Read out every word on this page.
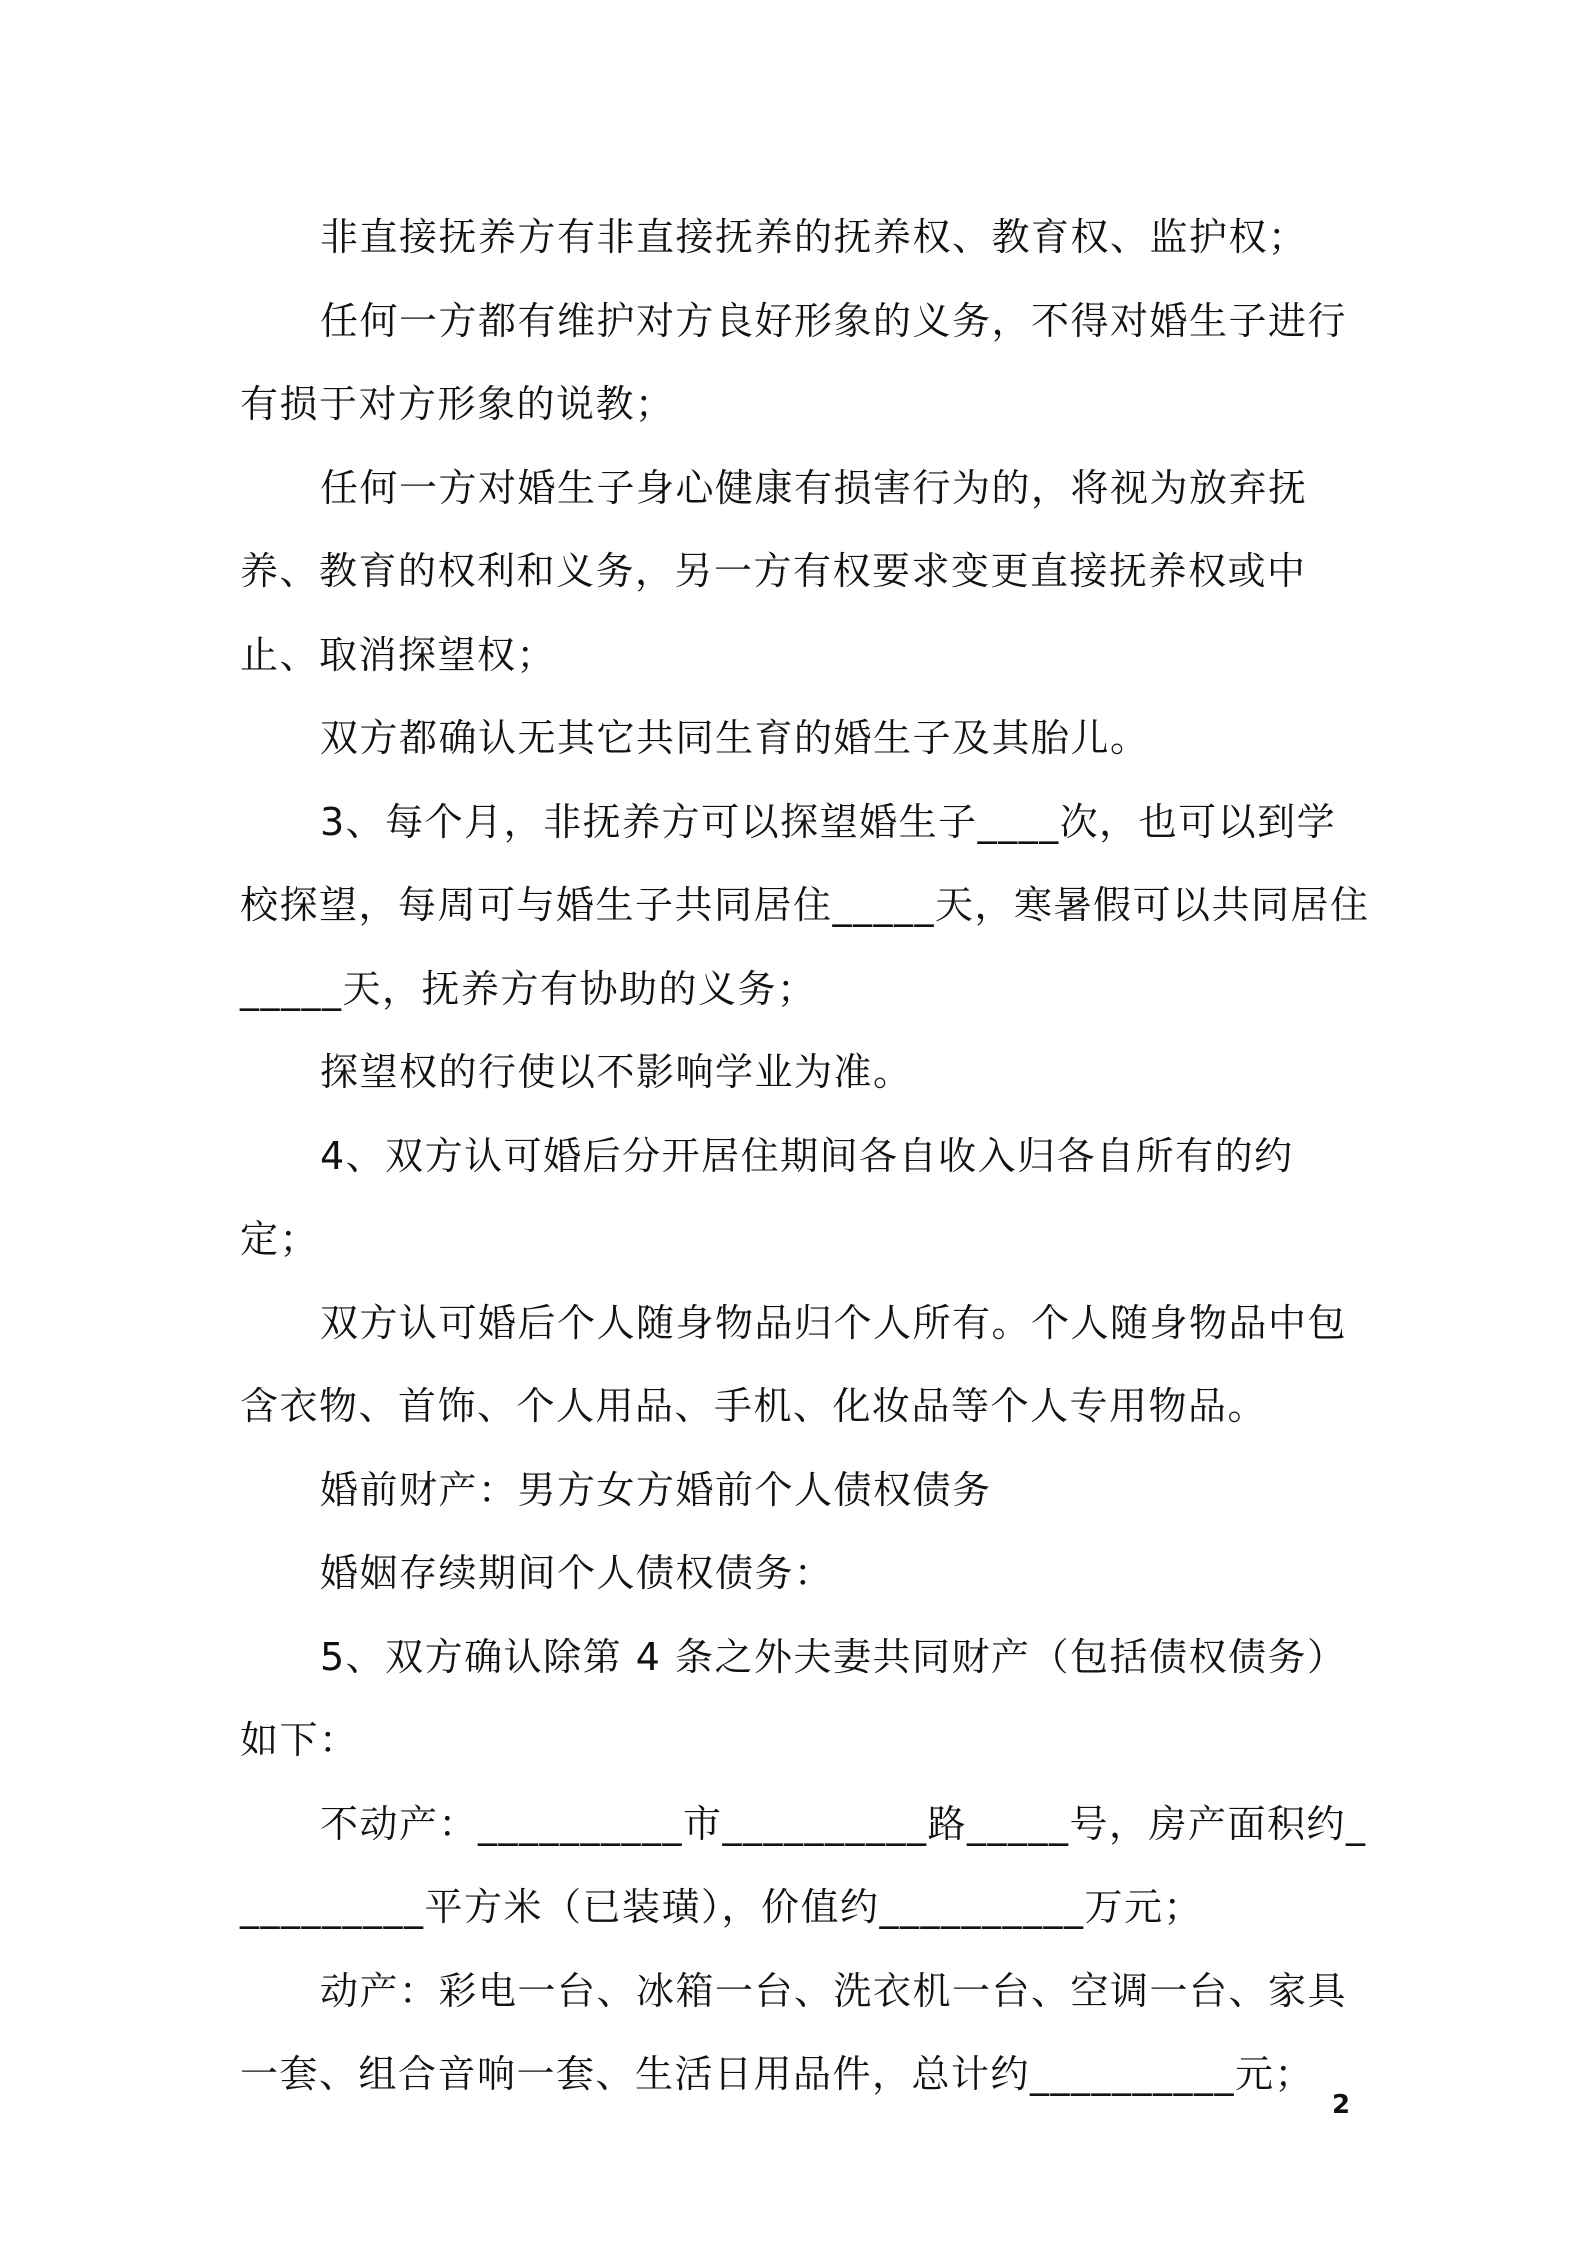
非直接抚养方有非直接抚养的抚养权、教育权、监护权；

任何一方都有维护对方良好形象的义务，不得对婚生子进行有损于对方形象的说教；

任何一方对婚生子身心健康有损害行为的，将视为放弃抚养、教育的权利和义务，另一方有权要求变更直接抚养权或中止、取消探望权；

双方都确认无其它共同生育的婚生子及其胎儿。

3、每个月，非抚养方可以探望婚生子____次，也可以到学校探望，每周可与婚生子共同居住_____天，寒暑假可以共同居住_____天，抚养方有协助的义务；

探望权的行使以不影响学业为准。

4、双方认可婚后分开居住期间各自收入归各自所有的约定；

双方认可婚后个人随身物品归个人所有。个人随身物品中包含衣物、首饰、个人用品、手机、化妆品等个人专用物品。

婚前财产：男方女方婚前个人债权债务

婚姻存续期间个人债权债务：

5、双方确认除第 4 条之外夫妻共同财产（包括债权债务）如下：

不动产：__________市__________路_____号，房产面积约__________平方米（已装璜），价值约__________万元；

动产：彩电一台、冰箱一台、洗衣机一台、空调一台、家具一套、组合音响一套、生活日用品件，总计约__________元；

2
